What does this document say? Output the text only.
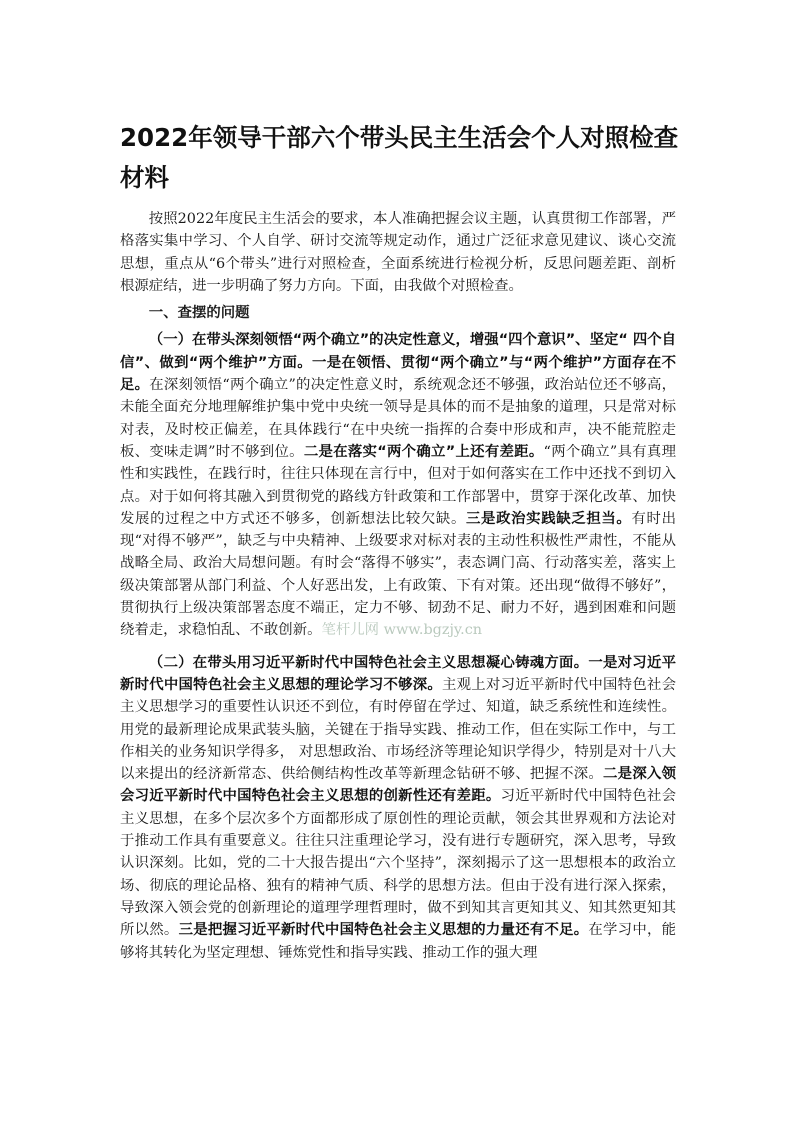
2022年领导干部六个带头民主生活会个人对照检查材料

按照2022年度民主生活会的要求，本人准确把握会议主题，认真贯彻工作部署，严格落实集中学习、个人自学、研讨交流等规定动作，通过广泛征求意见建议、谈心交流思想，重点从“6个带头”进行对照检查，全面系统进行检视分析，反思问题差距、剖析根源症结，进一步明确了努力方向。下面，由我做个对照检查。

一、查摆的问题

（一）在带头深刻领悟“两个确立”的决定性意义，增强“四个意识”、坚定“ 四个自信”、做到“两个维护”方面。一是在领悟、贯彻“两个确立”与“两个维护”方面存在不足。在深刻领悟“两个确立”的决定性意义时，系统观念还不够强，政治站位还不够高，未能全面充分地理解维护集中党中央统一领导是具体的而不是抽象的道理，只是常对标对表，及时校正偏差，在具体践行“在中央统一指挥的合奏中形成和声，决不能荒腔走板、变味走调”时不够到位。二是在落实“两个确立”上还有差距。“两个确立”具有真理性和实践性，在践行时，往往只体现在言行中，但对于如何落实在工作中还找不到切入点。对于如何将其融入到贯彻党的路线方针政策和工作部署中，贯穿于深化改革、加快发展的过程之中方式还不够多，创新想法比较欠缺。三是政治实践缺乏担当。有时出现“对得不够严”，缺乏与中央精神、上级要求对标对表的主动性积极性严肃性，不能从战略全局、政治大局想问题。有时会“落得不够实”，表态调门高、行动落实差，落实上级决策部署从部门利益、个人好恶出发，上有政策、下有对策。还出现“做得不够好”，贯彻执行上级决策部署态度不端正，定力不够、韧劲不足、耐力不好，遇到困难和问题绕着走，求稳怕乱、不敢创新。笔杆儿网 www.bgzjy.cn

（二）在带头用习近平新时代中国特色社会主义思想凝心铸魂方面。一是对习近平新时代中国特色社会主义思想的理论学习不够深。主观上对习近平新时代中国特色社会主义思想学习的重要性认识还不到位，有时停留在学过、知道，缺乏系统性和连续性。用党的最新理论成果武装头脑，关键在于指导实践、推动工作，但在实际工作中，与工作相关的业务知识学得多， 对思想政治、市场经济等理论知识学得少，特别是对十八大以来提出的经济新常态、供给侧结构性改革等新理念钻研不够、把握不深。二是深入领会习近平新时代中国特色社会主义思想的创新性还有差距。习近平新时代中国特色社会主义思想，在多个层次多个方面都形成了原创性的理论贡献，领会其世界观和方法论对于推动工作具有重要意义。往往只注重理论学习，没有进行专题研究，深入思考，导致认识深刻。比如，党的二十大报告提出“六个坚持”，深刻揭示了这一思想根本的政治立场、彻底的理论品格、独有的精神气质、科学的思想方法。但由于没有进行深入探索，导致深入领会党的创新理论的道理学理哲理时，做不到知其言更知其义、知其然更知其所以然。三是把握习近平新时代中国特色社会主义思想的力量还有不足。在学习中，能够将其转化为坚定理想、锤炼党性和指导实践、推动工作的强大理
